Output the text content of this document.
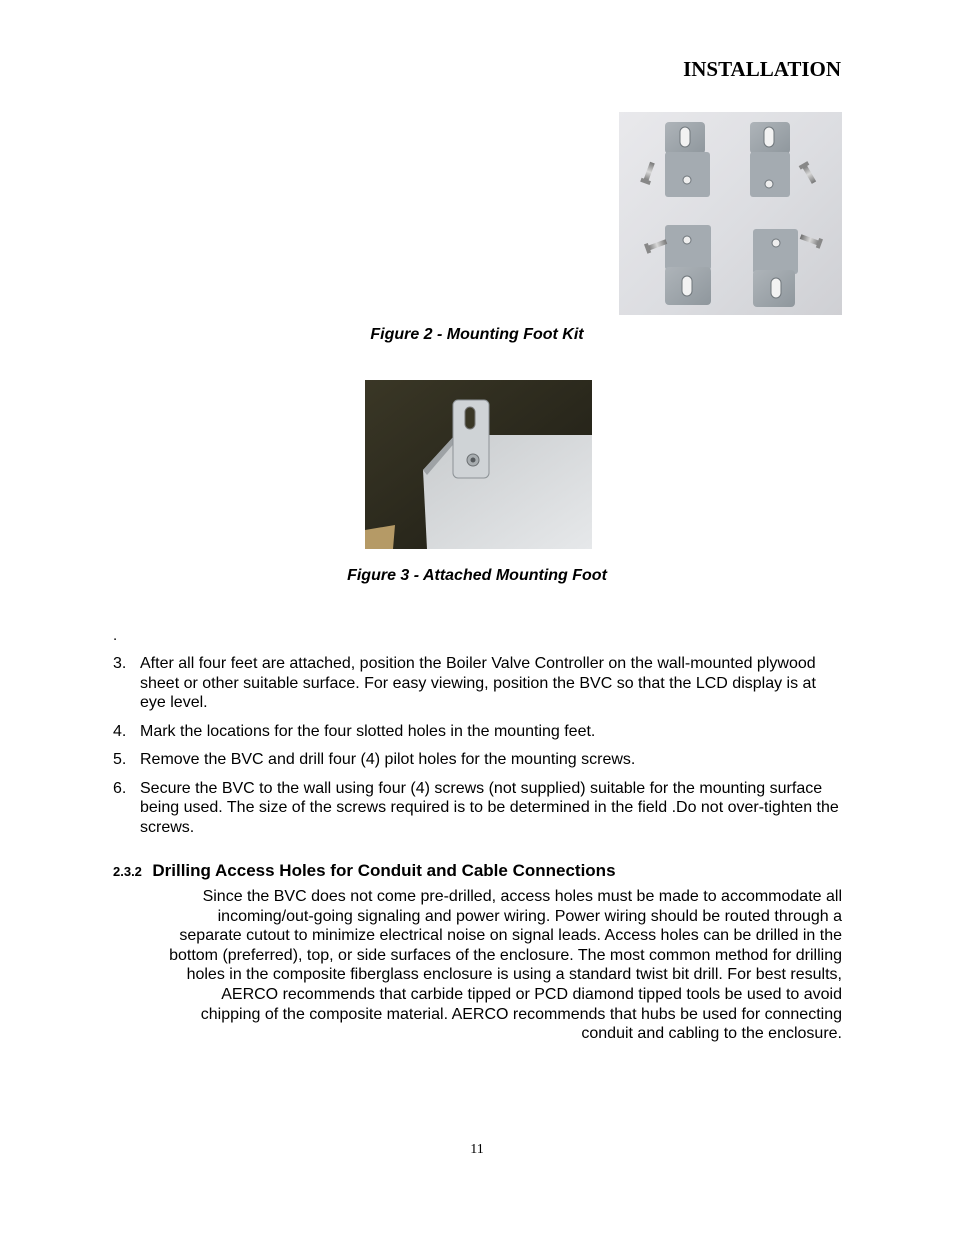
INSTALLATION
Figure 2 - Mounting Foot Kit
Figure 3 - Attached Mounting Foot
.
3. After all four feet are attached, position the Boiler Valve Controller on the wall-mounted plywood sheet or other suitable surface. For easy viewing, position the BVC so that the LCD display is at eye level.
4. Mark the locations for the four slotted holes in the mounting feet.
5. Remove the BVC and drill four (4) pilot holes for the mounting screws.
6. Secure the BVC to the wall using four (4) screws (not supplied) suitable for the mounting surface being used. The size of the screws required is to be determined in the field .Do not over-tighten the screws.
2.3.2 Drilling Access Holes for Conduit and Cable Connections
Since the BVC does not come pre-drilled, access holes must be made to accommodate all
incoming/out-going signaling and power wiring. Power wiring should be routed through a
separate cutout to minimize electrical noise on signal leads. Access holes can be drilled in the
bottom (preferred), top, or side surfaces of the enclosure. The most common method for drilling
holes in the composite fiberglass enclosure is using a standard twist bit drill. For best results,
AERCO recommends that carbide tipped or PCD diamond tipped tools be used to avoid
chipping of the composite material. AERCO recommends that hubs be used for connecting
conduit and cabling to the enclosure.
11
